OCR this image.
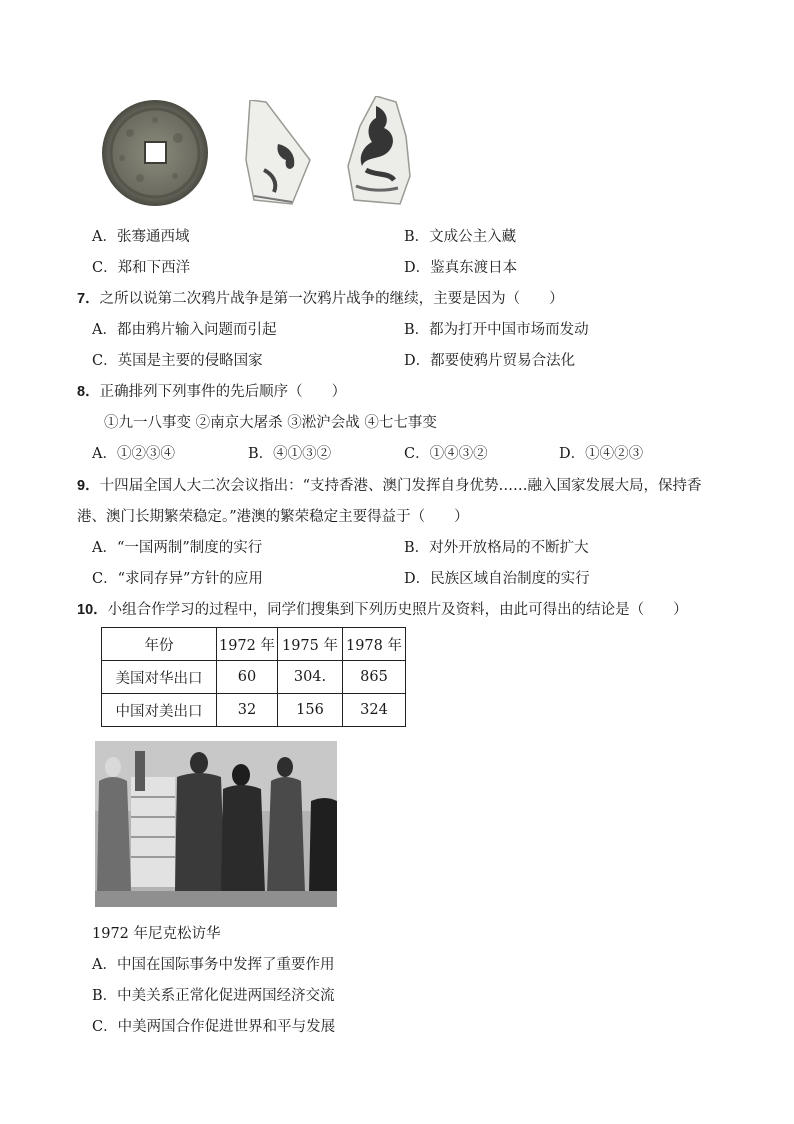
A．张骞通西域	B．文成公主入藏
C．郑和下西洋	D．鉴真东渡日本
7．之所以说第二次鸦片战争是第一次鸦片战争的继续，主要是因为（　　）
A．都由鸦片输入问题而引起	B．都为打开中国市场而发动
C．英国是主要的侵略国家	D．都要使鸦片贸易合法化
8．正确排列下列事件的先后顺序（　　）
①九一八事变 ②南京大屠杀 ③淞沪会战 ④七七事变
A．①②③④	B．④①③②	C．①④③②	D．①④②③
9．十四届全国人大二次会议指出：“支持香港、澳门发挥自身优势……融入国家发展大局，保持香
港、澳门长期繁荣稳定。”港澳的繁荣稳定主要得益于（　　）
A．“一国两制”制度的实行	B．对外开放格局的不断扩大
C．“求同存异”方针的应用	D．民族区域自治制度的实行
10．小组合作学习的过程中，同学们搜集到下列历史照片及资料，由此可得出的结论是（　　）
年份	1972 年	1975 年	1978 年
美国对华出口	60	304.	865
中国对美出口	32	156	324
1972 年尼克松访华
A．中国在国际事务中发挥了重要作用
B．中美关系正常化促进两国经济交流
C．中美两国合作促进世界和平与发展
